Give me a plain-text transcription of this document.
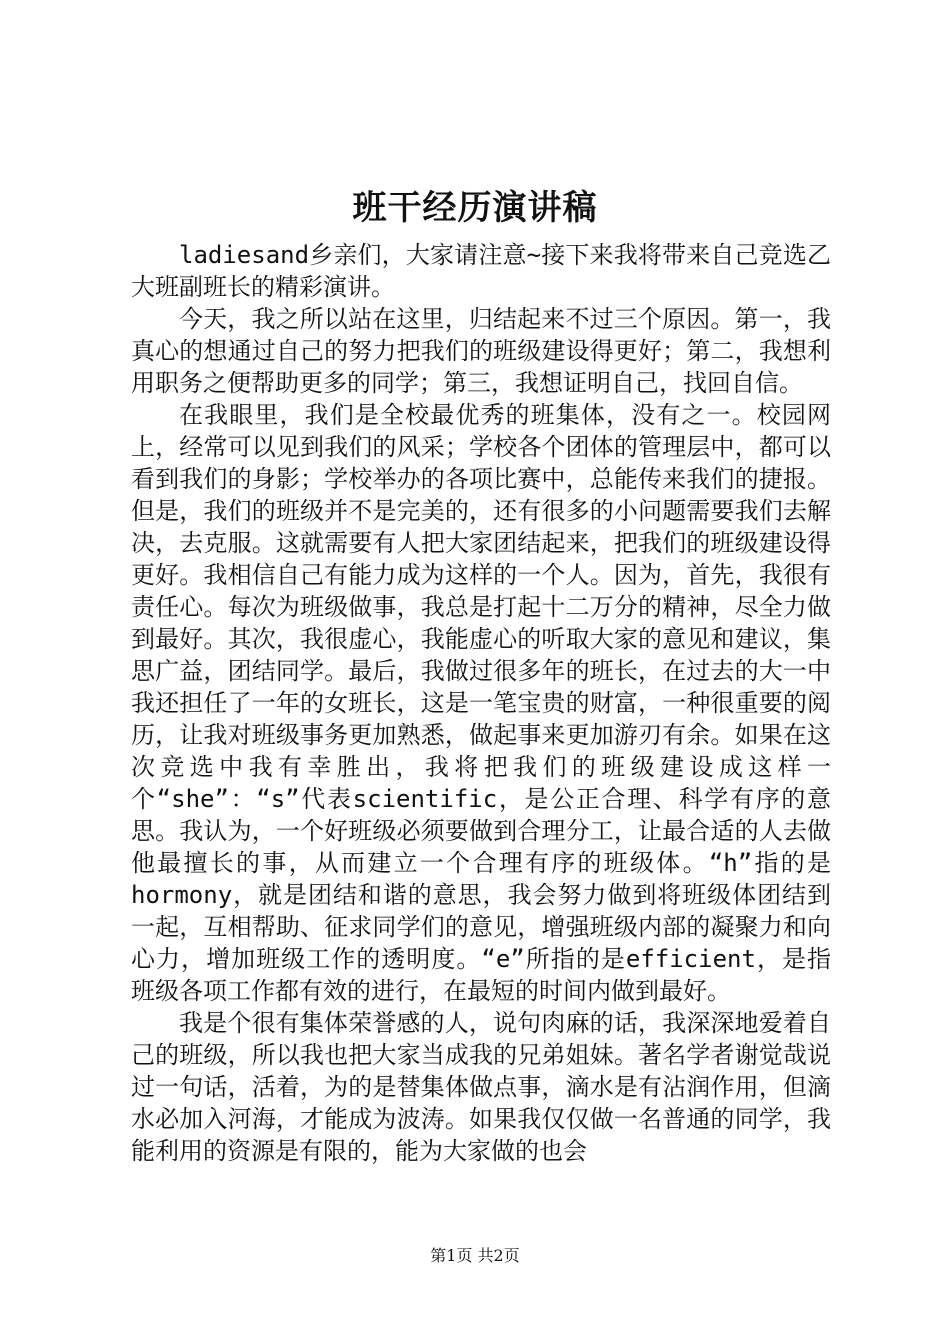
班干经历演讲稿

ladiesand乡亲们，大家请注意~接下来我将带来自己竞选乙大班副班长的精彩演讲。

今天，我之所以站在这里，归结起来不过三个原因。第一，我真心的想通过自己的努力把我们的班级建设得更好；第二，我想利用职务之便帮助更多的同学；第三，我想证明自己，找回自信。

在我眼里，我们是全校最优秀的班集体，没有之一。校园网上，经常可以见到我们的风采；学校各个团体的管理层中，都可以看到我们的身影；学校举办的各项比赛中，总能传来我们的捷报。但是，我们的班级并不是完美的，还有很多的小问题需要我们去解决，去克服。这就需要有人把大家团结起来，把我们的班级建设得更好。我相信自己有能力成为这样的一个人。因为，首先，我很有责任心。每次为班级做事，我总是打起十二万分的精神，尽全力做到最好。其次，我很虚心，我能虚心的听取大家的意见和建议，集思广益，团结同学。最后，我做过很多年的班长，在过去的大一中我还担任了一年的女班长，这是一笔宝贵的财富，一种很重要的阅历，让我对班级事务更加熟悉，做起事来更加游刃有余。如果在这次竞选中我有幸胜出，我将把我们的班级建设成这样一个“she”：“s”代表scientific，是公正合理、科学有序的意思。我认为，一个好班级必须要做到合理分工，让最合适的人去做他最擅长的事，从而建立一个合理有序的班级体。“h”指的是hormony，就是团结和谐的意思，我会努力做到将班级体团结到一起，互相帮助、征求同学们的意见，增强班级内部的凝聚力和向心力，增加班级工作的透明度。“e”所指的是efficient，是指班级各项工作都有效的进行，在最短的时间内做到最好。

我是个很有集体荣誉感的人，说句肉麻的话，我深深地爱着自己的班级，所以我也把大家当成我的兄弟姐妹。著名学者谢觉哉说过一句话，活着，为的是替集体做点事，滴水是有沾润作用，但滴水必加入河海，才能成为波涛。如果我仅仅做一名普通的同学，我能利用的资源是有限的，能为大家做的也会

第1页 共2页
